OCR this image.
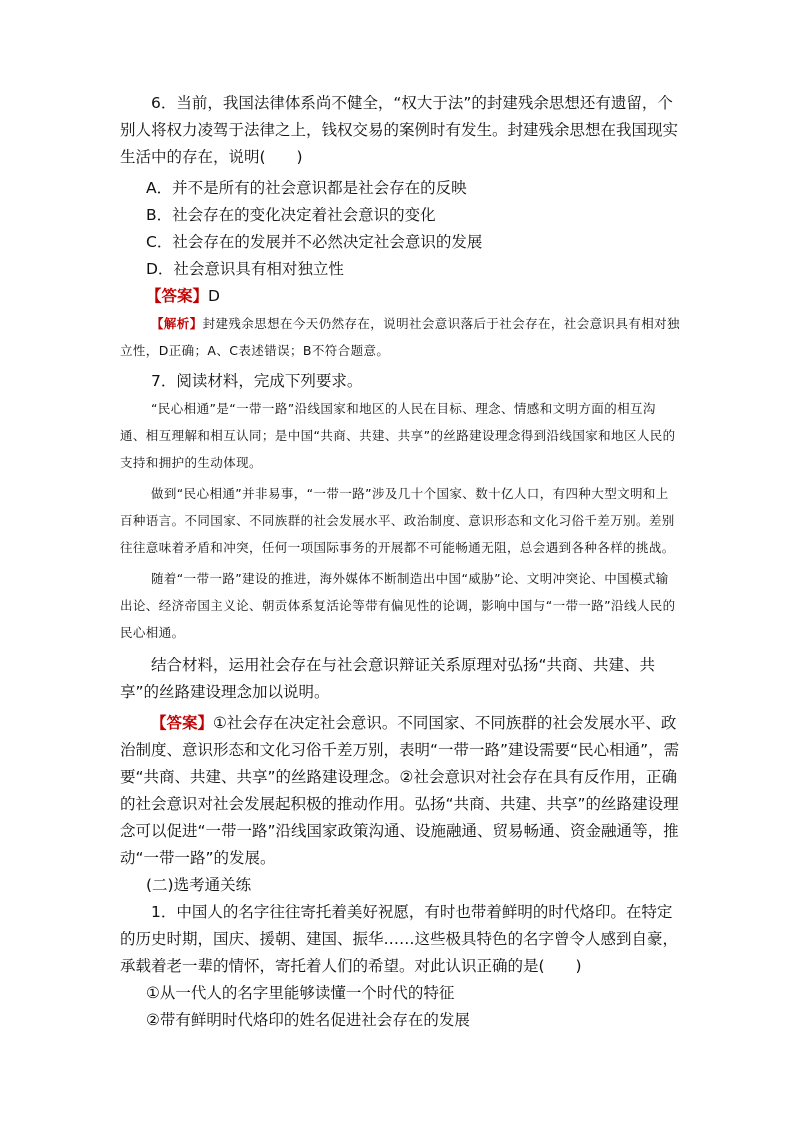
6．当前，我国法律体系尚不健全，“权大于法”的封建残余思想还有遗留，个别人将权力凌驾于法律之上，钱权交易的案例时有发生。封建残余思想在我国现实生活中的存在，说明(　　)

A．并不是所有的社会意识都是社会存在的反映

B．社会存在的变化决定着社会意识的变化

C．社会存在的发展并不必然决定社会意识的发展

D．社会意识具有相对独立性

【答案】D

【解析】封建残余思想在今天仍然存在，说明社会意识落后于社会存在，社会意识具有相对独立性，D正确；A、C表述错误；B不符合题意。

7．阅读材料，完成下列要求。

“民心相通”是“一带一路”沿线国家和地区的人民在目标、理念、情感和文明方面的相互沟通、相互理解和相互认同；是中国“共商、共建、共享”的丝路建设理念得到沿线国家和地区人民的支持和拥护的生动体现。

做到“民心相通”并非易事，“一带一路”涉及几十个国家、数十亿人口，有四种大型文明和上百种语言。不同国家、不同族群的社会发展水平、政治制度、意识形态和文化习俗千差万别。差别往往意味着矛盾和冲突，任何一项国际事务的开展都不可能畅通无阻，总会遇到各种各样的挑战。

随着“一带一路”建设的推进，海外媒体不断制造出中国“威胁”论、文明冲突论、中国模式输出论、经济帝国主义论、朝贡体系复活论等带有偏见性的论调，影响中国与“一带一路”沿线人民的民心相通。

结合材料，运用社会存在与社会意识辩证关系原理对弘扬“共商、共建、共享”的丝路建设理念加以说明。

【答案】①社会存在决定社会意识。不同国家、不同族群的社会发展水平、政治制度、意识形态和文化习俗千差万别，表明“一带一路”建设需要“民心相通”，需要“共商、共建、共享”的丝路建设理念。②社会意识对社会存在具有反作用，正确的社会意识对社会发展起积极的推动作用。弘扬“共商、共建、共享”的丝路建设理念可以促进“一带一路”沿线国家政策沟通、设施融通、贸易畅通、资金融通等，推动“一带一路”的发展。

(二)选考通关练

1．中国人的名字往往寄托着美好祝愿，有时也带着鲜明的时代烙印。在特定的历史时期，国庆、援朝、建国、振华……这些极具特色的名字曾令人感到自豪，承载着老一辈的情怀，寄托着人们的希望。对此认识正确的是(　　)

①从一代人的名字里能够读懂一个时代的特征

②带有鲜明时代烙印的姓名促进社会存在的发展
